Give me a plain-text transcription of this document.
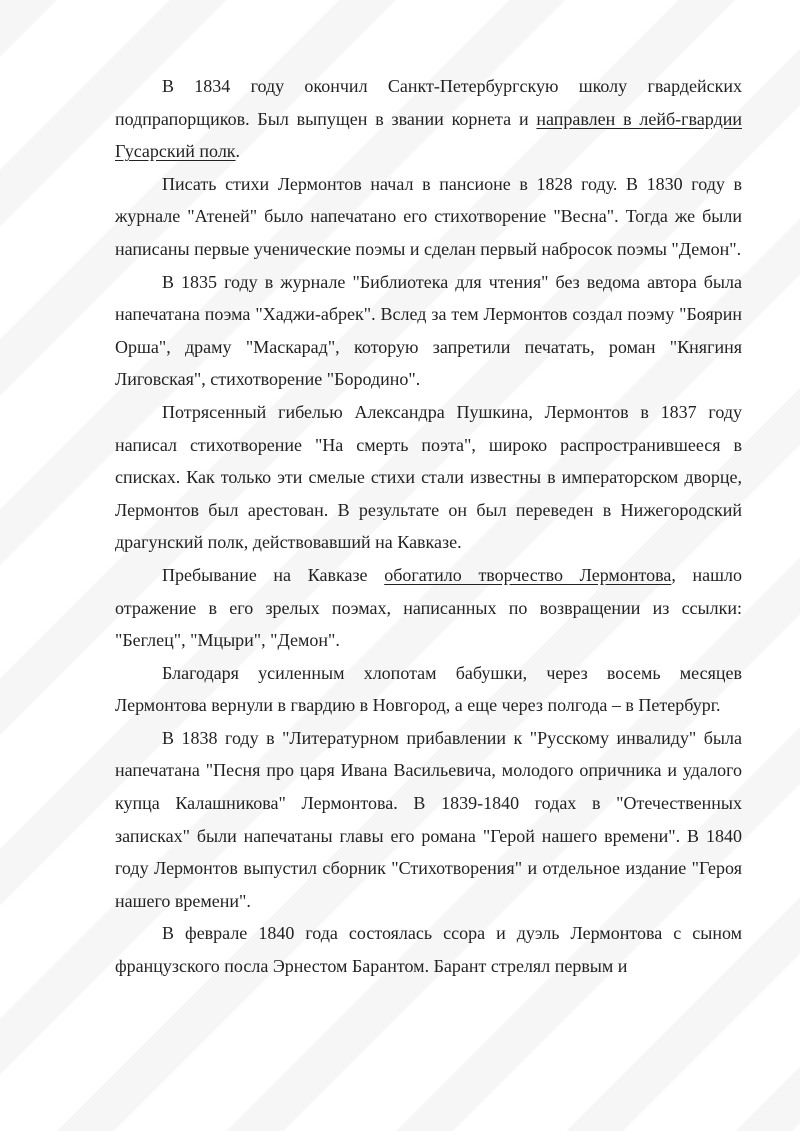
В 1834 году окончил Санкт-Петербургскую школу гвардейских подпрапорщиков. Был выпущен в звании корнета и направлен в лейб-гвардии Гусарский полк.

Писать стихи Лермонтов начал в пансионе в 1828 году. В 1830 году в журнале "Атеней" было напечатано его стихотворение "Весна". Тогда же были написаны первые ученические поэмы и сделан первый набросок поэмы "Демон".

В 1835 году в журнале "Библиотека для чтения" без ведома автора была напечатана поэма "Хаджи-абрек". Вслед за тем Лермонтов создал поэму "Боярин Орша", драму "Маскарад", которую запретили печатать, роман "Княгиня Лиговская", стихотворение "Бородино".

Потрясенный гибелью Александра Пушкина, Лермонтов в 1837 году написал стихотворение "На смерть поэта", широко распространившееся в списках. Как только эти смелые стихи стали известны в императорском дворце, Лермонтов был арестован. В результате он был переведен в Нижегородский драгунский полк, действовавший на Кавказе.

Пребывание на Кавказе обогатило творчество Лермонтова, нашло отражение в его зрелых поэмах, написанных по возвращении из ссылки: "Беглец", "Мцыри", "Демон".

Благодаря усиленным хлопотам бабушки, через восемь месяцев Лермонтова вернули в гвардию в Новгород, а еще через полгода – в Петербург.

В 1838 году в "Литературном прибавлении к "Русскому инвалиду" была напечатана "Песня про царя Ивана Васильевича, молодого опричника и удалого купца Калашникова" Лермонтова. В 1839-1840 годах в "Отечественных записках" были напечатаны главы его романа "Герой нашего времени". В 1840 году Лермонтов выпустил сборник "Стихотворения" и отдельное издание "Героя нашего времени".

В феврале 1840 года состоялась ссора и дуэль Лермонтова с сыном французского посла Эрнестом Барантом. Барант стрелял первым и
